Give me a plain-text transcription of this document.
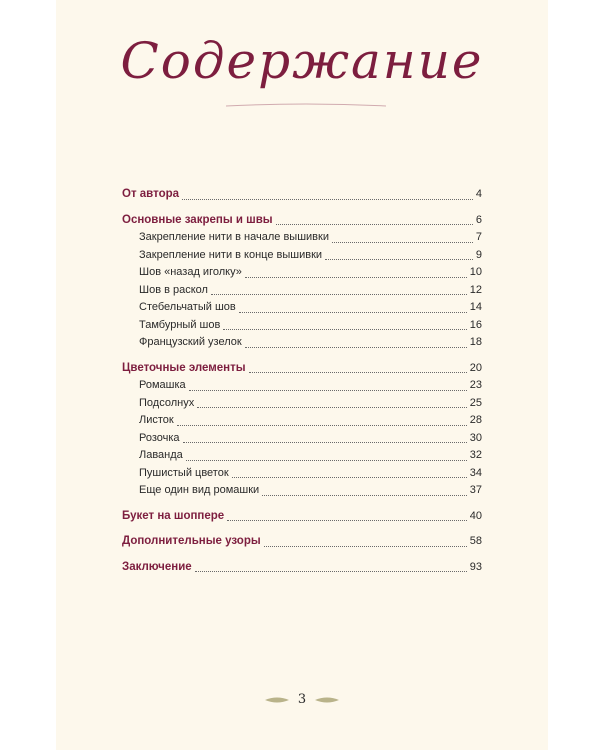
Содержание
От автора	4
Основные закрепы и швы	6
Закрепление нити в начале вышивки	7
Закрепление нити в конце вышивки	9
Шов «назад иголку»	10
Шов в раскол	12
Стебельчатый шов	14
Тамбурный шов	16
Французский узелок	18
Цветочные элементы	20
Ромашка	23
Подсолнух	25
Листок	28
Розочка	30
Лаванда	32
Пушистый цветок	34
Еще один вид ромашки	37
Букет на шоппере	40
Дополнительные узоры	58
Заключение	93
3
